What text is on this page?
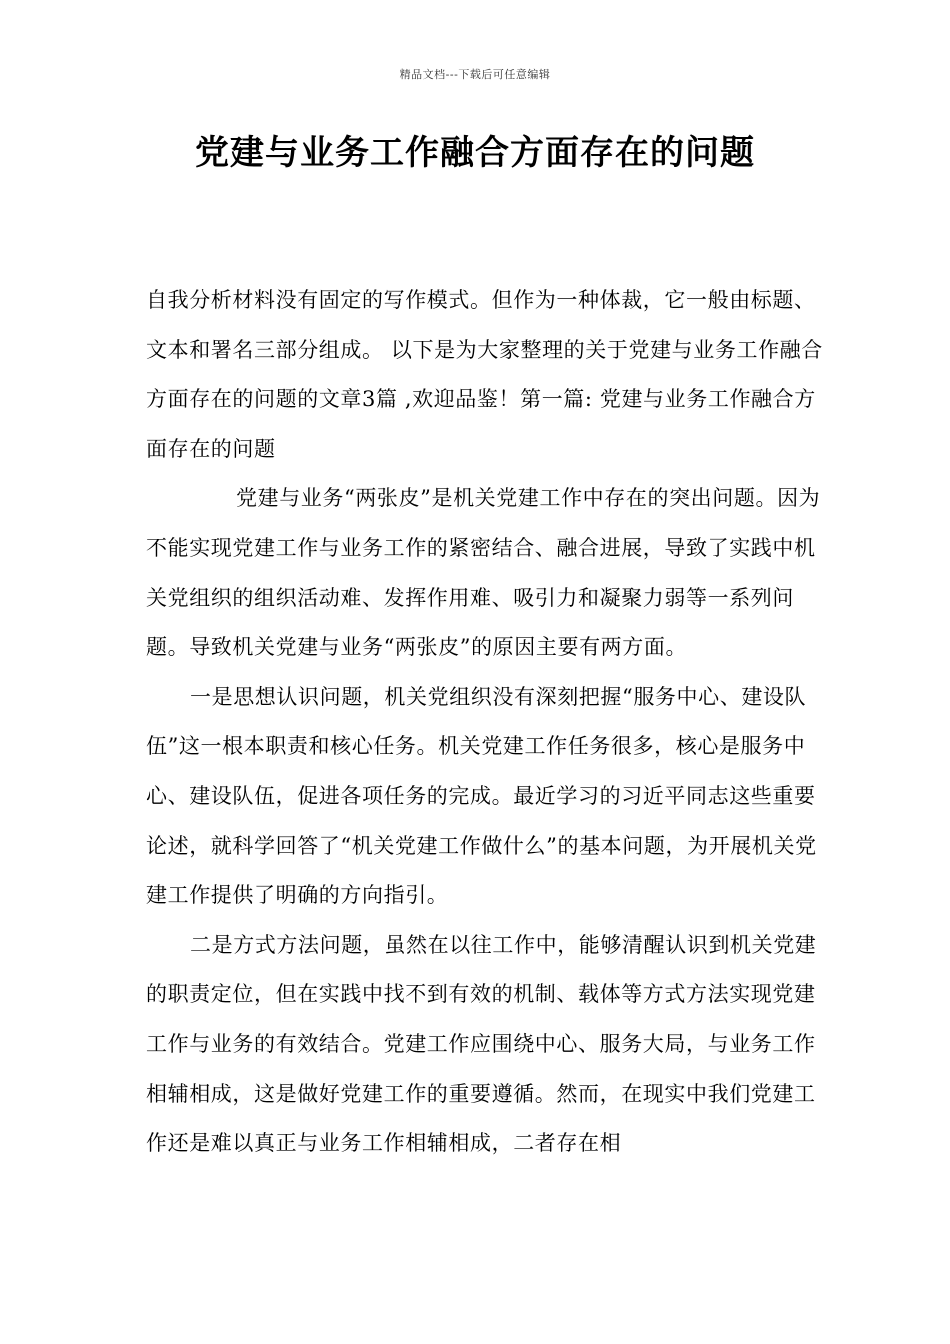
精品文档---下载后可任意编辑
党建与业务工作融合方面存在的问题

自我分析材料没有固定的写作模式。但作为一种体裁，它一般由标题、文本和署名三部分组成。 以下是为大家整理的关于党建与业务工作融合方面存在的问题的文章3篇 ,欢迎品鉴！第一篇: 党建与业务工作融合方面存在的问题

党建与业务“两张皮”是机关党建工作中存在的突出问题。因为不能实现党建工作与业务工作的紧密结合、融合进展，导致了实践中机关党组织的组织活动难、发挥作用难、吸引力和凝聚力弱等一系列问题。导致机关党建与业务“两张皮”的原因主要有两方面。

一是思想认识问题，机关党组织没有深刻把握“服务中心、建设队伍”这一根本职责和核心任务。机关党建工作任务很多，核心是服务中心、建设队伍，促进各项任务的完成。最近学习的习近平同志这些重要论述，就科学回答了“机关党建工作做什么”的基本问题，为开展机关党建工作提供了明确的方向指引。

二是方式方法问题，虽然在以往工作中，能够清醒认识到机关党建的职责定位，但在实践中找不到有效的机制、载体等方式方法实现党建工作与业务的有效结合。党建工作应围绕中心、服务大局，与业务工作相辅相成，这是做好党建工作的重要遵循。然而，在现实中我们党建工作还是难以真正与业务工作相辅相成，二者存在相
